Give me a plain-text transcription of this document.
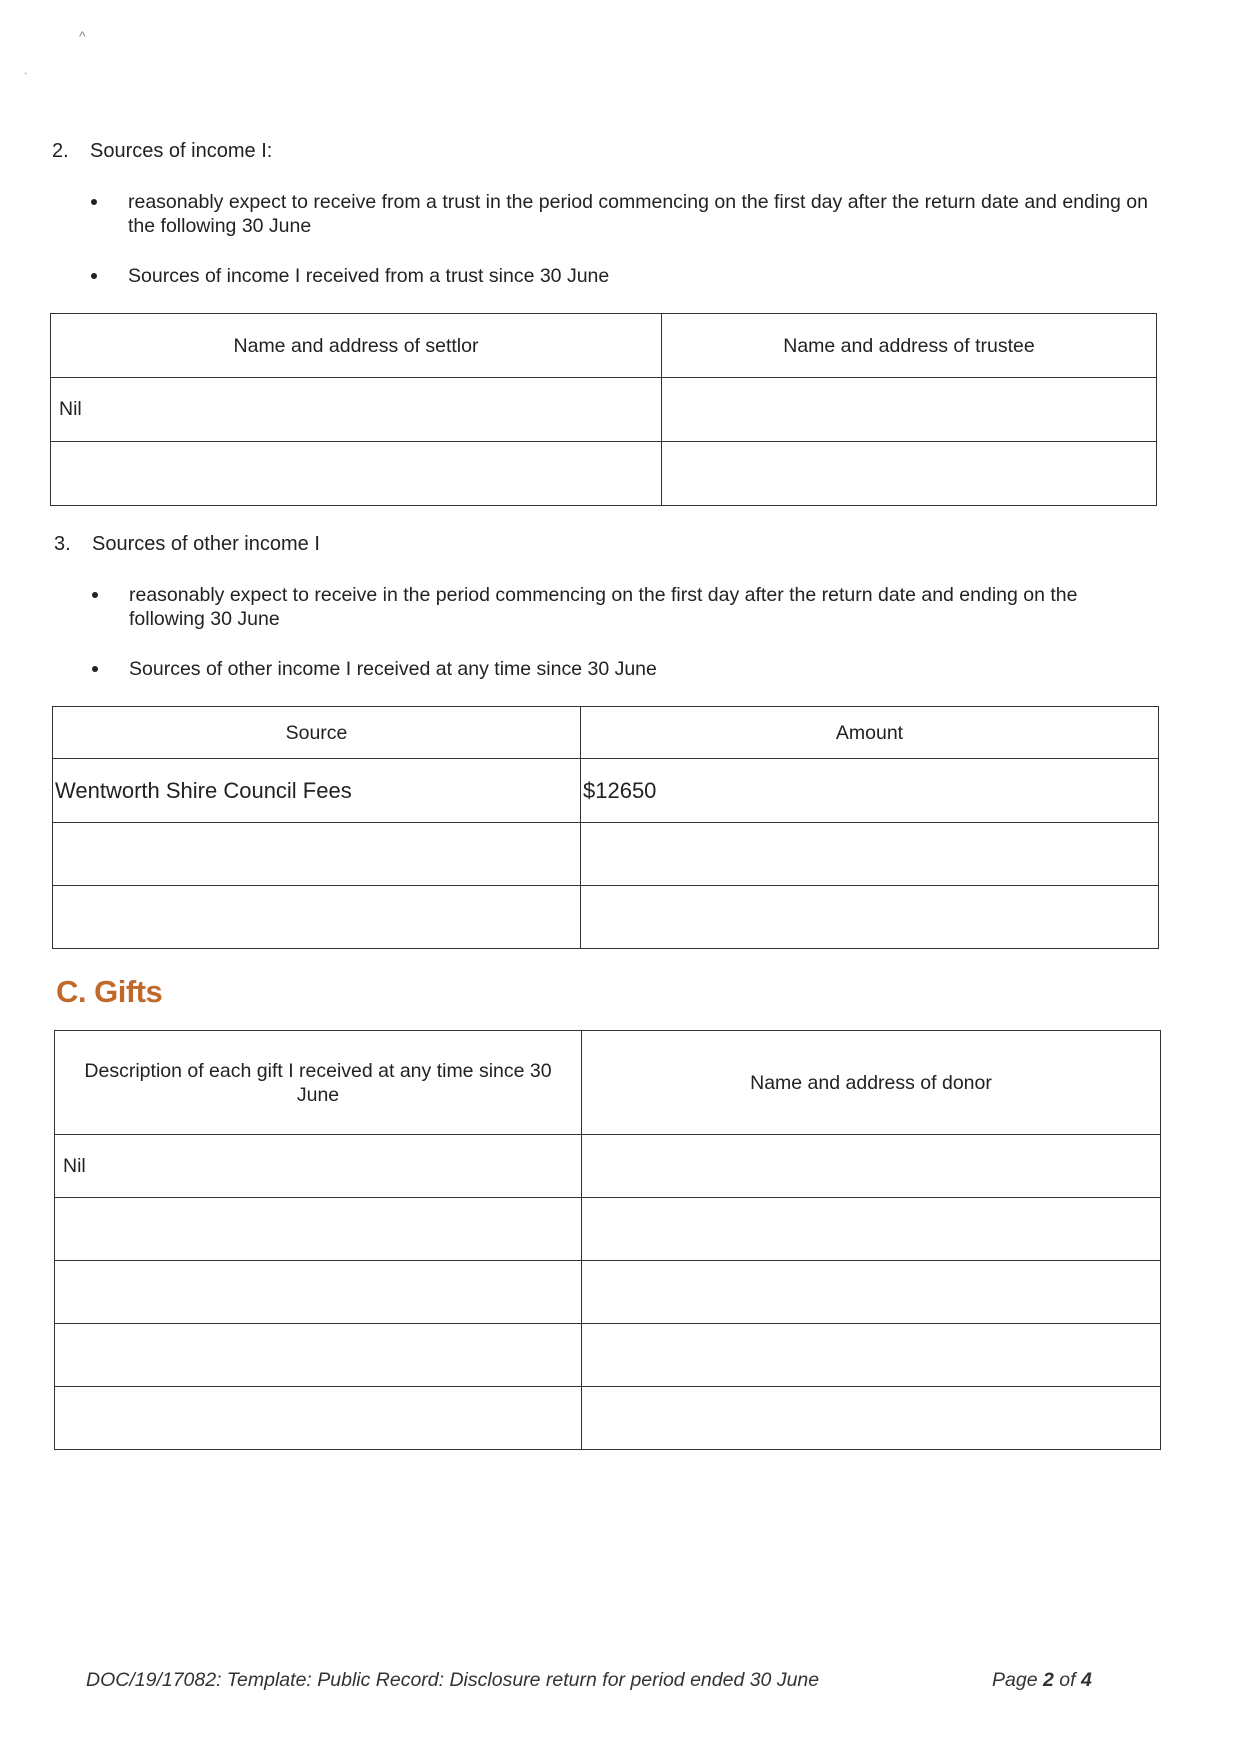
^
`
2. Sources of income I:
reasonably expect to receive from a trust in the period commencing on the first day after the return date and ending on the following 30 June
Sources of income I received from a trust since 30 June
Name and address of settlor	Name and address of trustee
Nil	

3. Sources of other income I
reasonably expect to receive in the period commencing on the first day after the return date and ending on the following 30 June
Sources of other income I received at any time since 30 June
Source	Amount
Wentworth Shire Council Fees	$12650

C. Gifts
Description of each gift I received at any time since 30 June	Name and address of donor
Nil	

DOC/19/17082: Template: Public Record: Disclosure return for period ended 30 June	Page 2 of 4
